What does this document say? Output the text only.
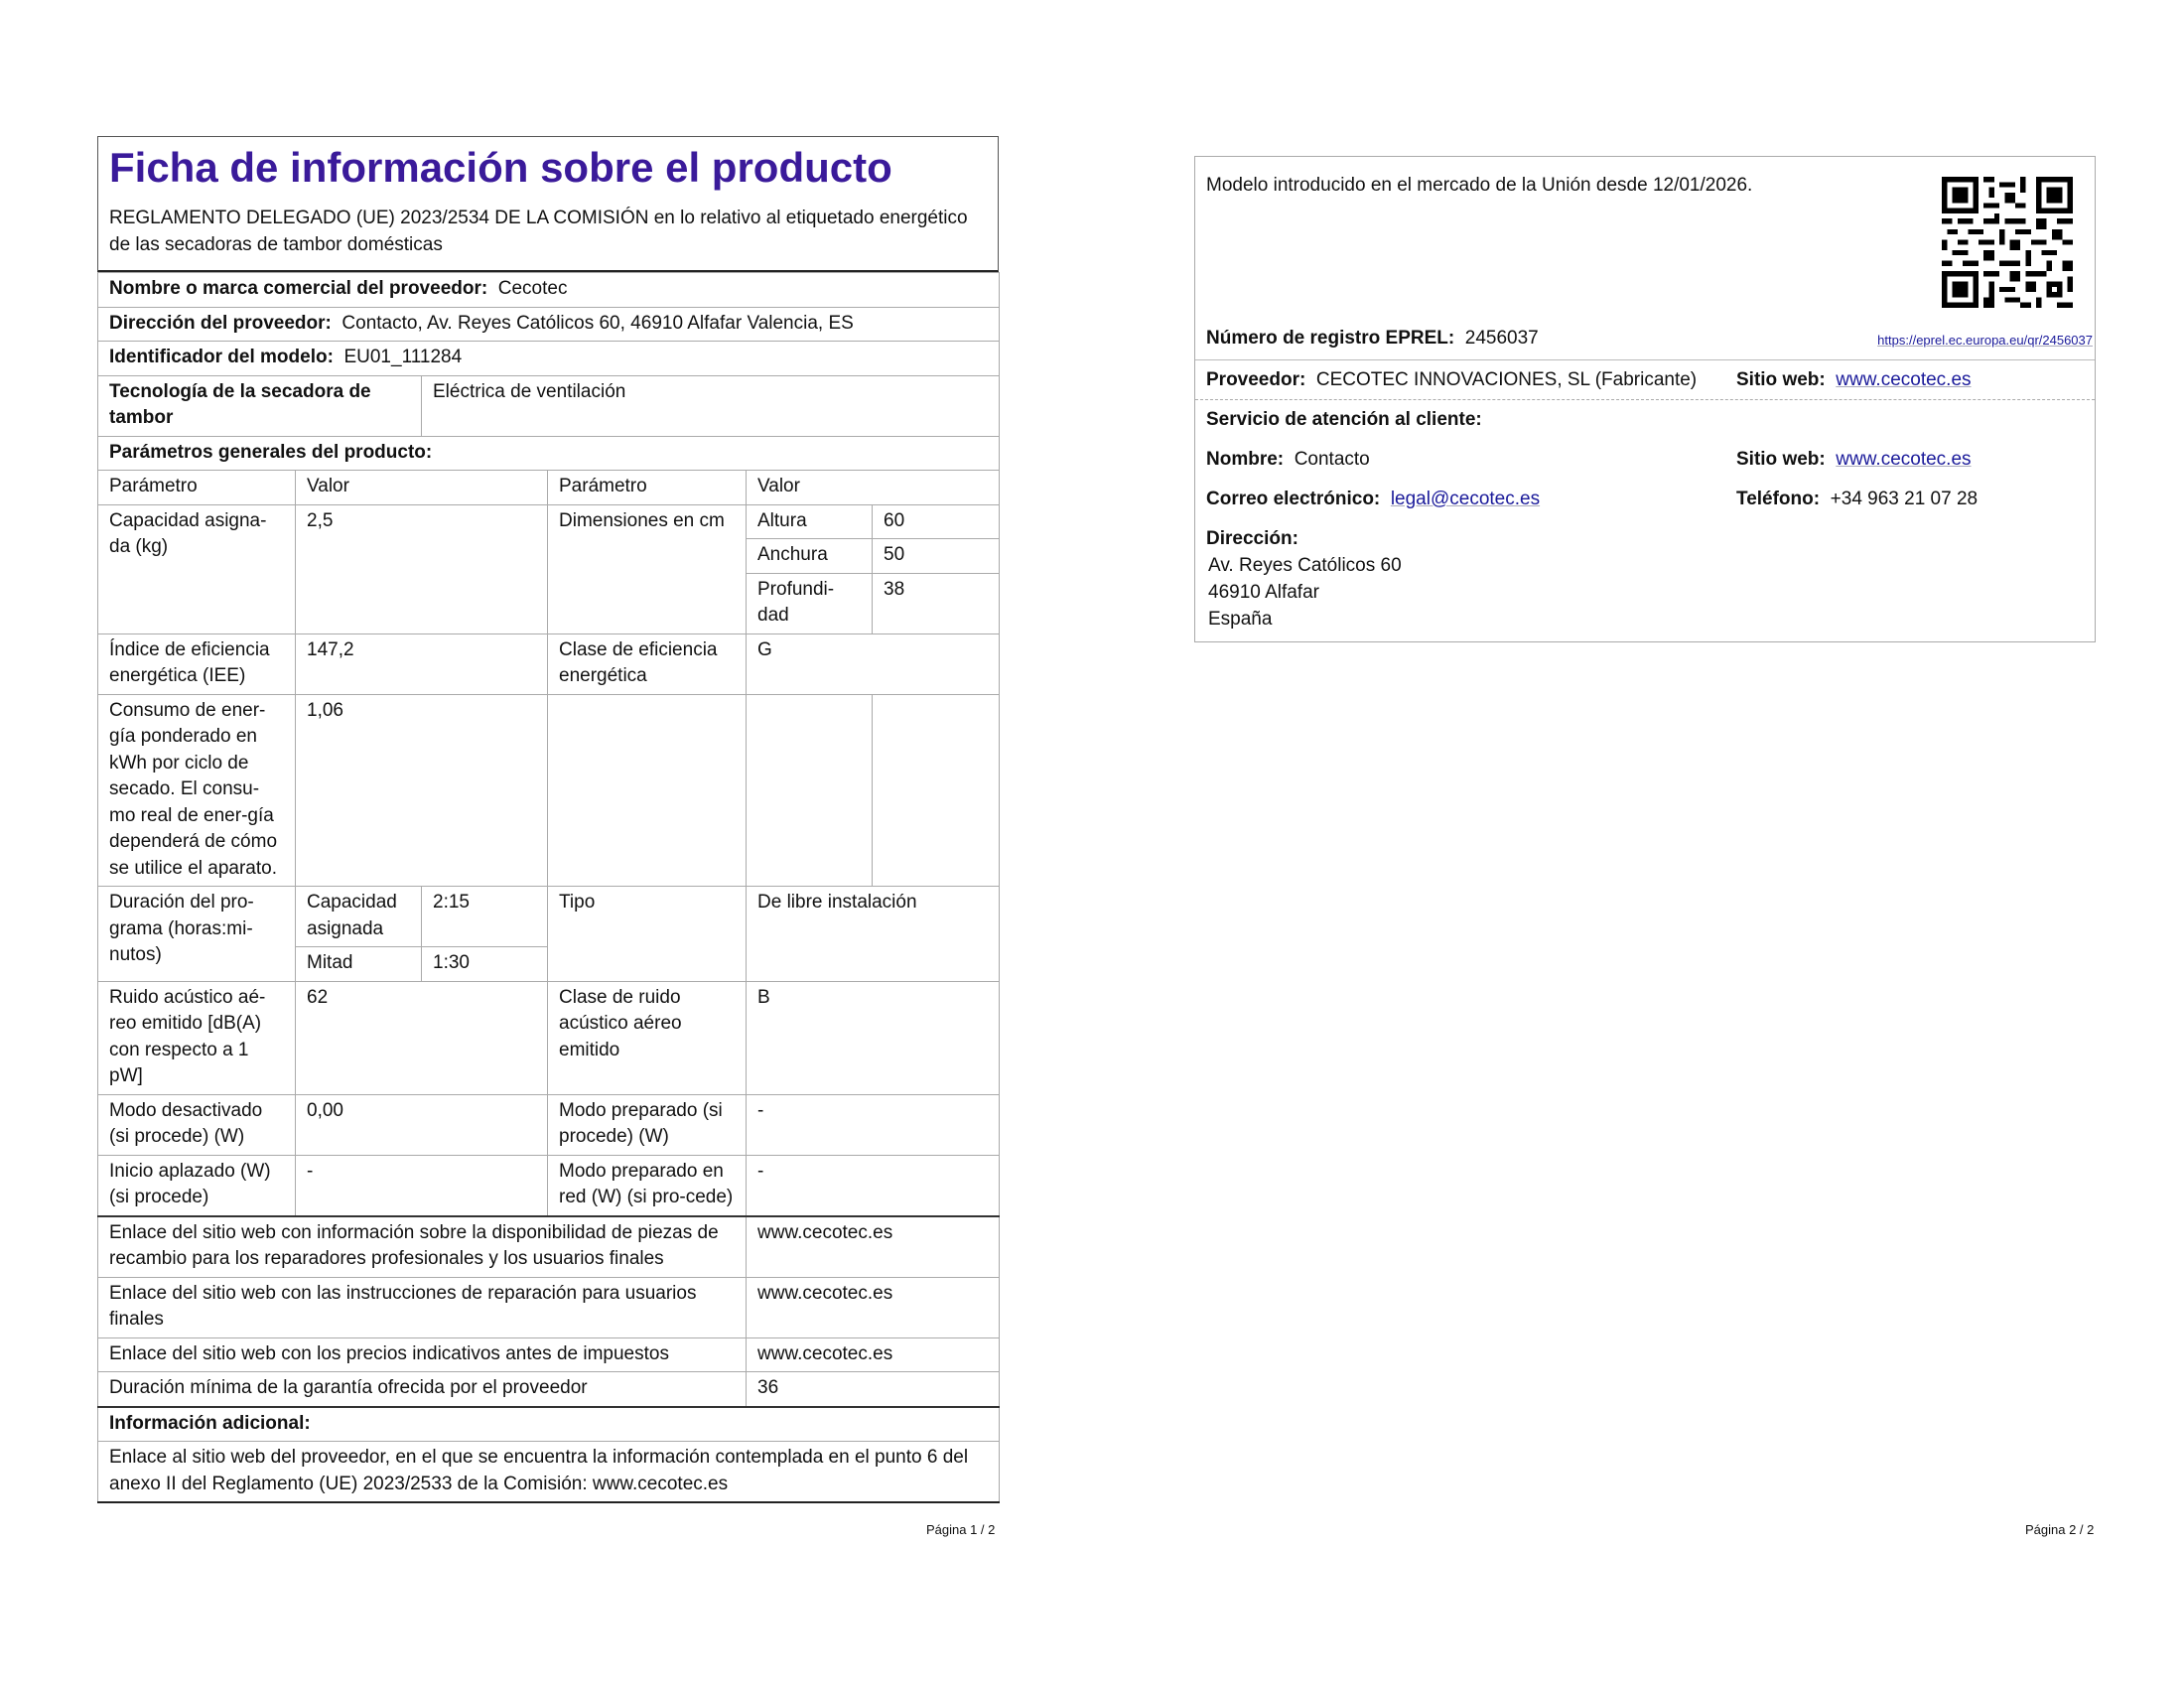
Ficha de información sobre el producto
REGLAMENTO DELEGADO (UE) 2023/2534 DE LA COMISIÓN en lo relativo al etiquetado energético de las secadoras de tambor domésticas
Nombre o marca comercial del proveedor: Cecotec					
Dirección del proveedor: Contacto, Av. Reyes Católicos 60, 46910 Alfafar Valencia, ES					
Identificador del modelo: EU01_111284					
Tecnología de la secadora de tambor		Eléctrica de ventilación			
Parámetros generales del producto:					
Parámetro	Valor		Parámetro	Valor	
Capacidad asigna-da (kg)	2,5		Dimensiones en cm	Altura	60
				Anchura	50
				Profundi-dad	38
Índice de eficiencia energética (IEE)	147,2		Clase de eficiencia energética	G	
Consumo de ener-gía ponderado en kWh por ciclo de secado. El consu-mo real de ener-gía dependerá de cómo se utilice el aparato.	1,06				
Duración del pro-grama (horas:mi-nutos)	Capacidad asignada	2:15	Tipo	De libre instalación	
	Mitad	1:30			
Ruido acústico aé-reo emitido [dB(A) con respecto a 1 pW]	62		Clase de ruido acústico aéreo emitido	B	
Modo desactivado (si procede) (W)	0,00		Modo preparado (si procede) (W)	-	
Inicio aplazado (W) (si procede)	-		Modo preparado en red (W) (si pro-cede)	-	
Enlace del sitio web con información sobre la disponibilidad de piezas de recambio para los reparadores profesionales y los usuarios finales				www.cecotec.es	
Enlace del sitio web con las instrucciones de reparación para usuarios finales				www.cecotec.es	
Enlace del sitio web con los precios indicativos antes de impuestos				www.cecotec.es	
Duración mínima de la garantía ofrecida por el proveedor				36	
Información adicional:					
Enlace al sitio web del proveedor, en el que se encuentra la información contemplada en el punto 6 del anexo II del Reglamento (UE) 2023/2533 de la Comisión: www.cecotec.es					
Página 1 / 2
Modelo introducido en el mercado de la Unión desde 12/01/2026.
Número de registro EPREL: 2456037	https://eprel.ec.europa.eu/qr/2456037
Proveedor: CECOTEC INNOVACIONES, SL (Fabricante) Sitio web: www.cecotec.es
Servicio de atención al cliente:
Nombre: Contacto	Sitio web: www.cecotec.es
Correo electrónico: legal@cecotec.es	Teléfono: +34 963 21 07 28
Dirección:
Av. Reyes Católicos 60
46910 Alfafar
España
Página 2 / 2
